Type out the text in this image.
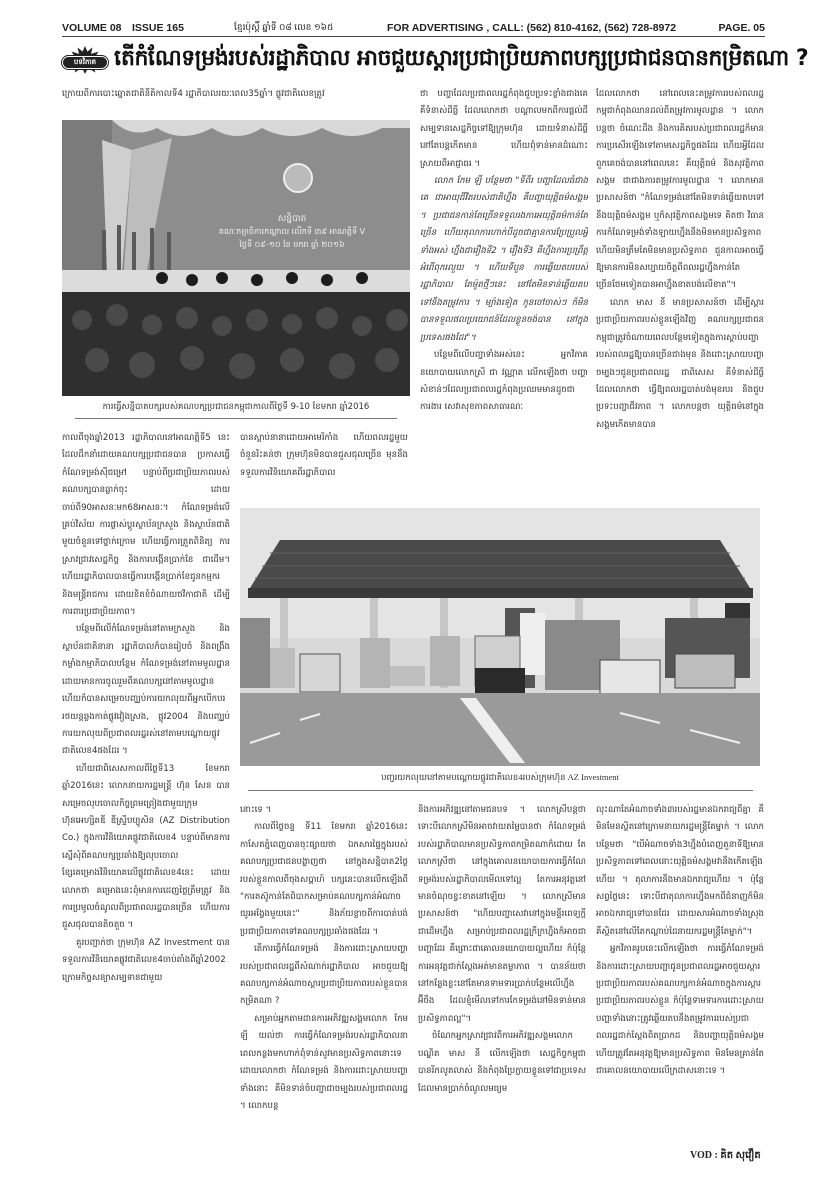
VOLUME 08 ISSUE 165	ខែ្មរប៉ុស្តិ៍ ឆ្នាំទី ០៨ លេខ ១៦៥	FOR ADVERTISING , CALL: (562) 810-4162, (562) 728-8972	PAGE. 05
បទវិភាគ តើកំណែទម្រង់របស់រដ្ឋាភិបាល អាចជួយស្តារប្រជាប្រិយភាពបក្សប្រជាជនបានកម្រិតណា ?

ក្រោយពីការបោះឆ្នោតជាតិនីតិកាលទី4 រដ្ឋាភិបាលរយៈពេល35ឆ្នាំ។ ផ្លូវជាតិលេខត្រូវ

សន្និបាត
គណៈកម្មាធិការកណ្តាល លើកទី ៣៩ អាណត្តិទី V
ថ្ងៃទី ០៩-១០ ខែ មករា ឆ្នាំ ២០១៦
ការធ្វើសន្និបាតបក្សរបស់គណបក្សប្រជាជនកម្ពុជាកាលពីថ្ងៃទី 9-10 ខែមករា ឆ្នាំ2016

កាលពីចុងឆ្នាំ2013 រដ្ឋាភិបាលនៅអាណត្តិទី5 នេះ ដែលដឹកនាំដោយគណបក្សប្រជាជនបាន ប្រកាសធ្វើកំណែទម្រង់ស៊ីជម្រៅ បន្ទាប់ពីប្រជាប្រិយភាពរបស់គណបក្សបានធ្លាក់ចុះ ដោយចាប់ពី90អាសនៈមក68អាសនៈ។ កំណែទម្រង់លើគ្រប់វិស័យ ការផ្លាស់ប្តូរស្ថាប័នក្រសួង និងស្ថាប័នជាតិមួយចំនួនទៅថ្នាក់ក្រោម ហើយធ្វើការត្រួតពិនិត្យ ការស្រាវជ្រាវសេដ្ឋកិច្ច និងការបង្កើនប្រាក់ខែ ជាដើម។ ហើយរដ្ឋាភិបាលបានធ្វើការបង្កើនប្រាក់ខែជូនកម្មករ និងមន្ត្រីរាជការ ដោយខិតខំចំណាយថវិកាជាតិ ដើម្បីការពារប្រជាប្រិយភាព។

បន្ថែមពីលើកំណែទម្រង់នៅតាមក្រសួង និងស្ថាប័នជាតិនានា រដ្ឋាភិបាលក៏បានរៀបចំ និងពង្រឹងកម្លាំងកម្មាភិបាលបន្ថែម កំណែទម្រង់នៅតាមមូលដ្ឋាន ដោយមានការចូលរួមពីគណបក្សនៅតាមមូលដ្ឋាន ហើយក៏បានសម្រេចបញ្ឈប់ការយកលុយពីអ្នកបើកបររថយន្តឆ្លងកាត់ផ្លូវវៀងស្រង, ផ្លូវ2004 និងបញ្ឈប់ការយកលុយពីប្រជាពលរដ្ឋរស់នៅតាមបណ្តោយផ្លូវជាតិលេខ4ផងដែរ ។

ហើយជាពិសេសកាលពីថ្ងៃទី13 ខែមករា ឆ្នាំ2016នេះ លោកនាយករដ្ឋមន្ត្រី ហ៊ុន សែន បានសម្រេចលុបចោលកិច្ចព្រមព្រៀងជាមួយក្រុមហ៊ុនអេហ្សិតឌី ឌីស្ទ្រីបប្យូសិន (AZ Distribution Co.) ក្នុងការវិនិយោគផ្លូវជាតិលេខ4 បន្ទាប់ពីមានការស្នើសុំពីគណបក្សប្រឆាំងឱ្យលុបចោលខ្សែរគម្រោងវិនិយោគលើផ្លូវជាតិលេខ4នេះ ដោយលោកថា គម្រោងនេះពុំមានការដេញថ្លៃត្រឹមត្រូវ និងការប្រមូលចំណូលពីប្រជាពលរដ្ឋបានច្រើន ហើយការជួសជុលបានតិចតួច ។

គួរបញ្ជាក់ថា ក្រុមហ៊ុន AZ Investment បានទទួលការវិនិយោគផ្លូវជាតិលេខ4ចាប់តាំងពីឆ្នាំ2002 ក្រោមកិច្ចសន្យាសម្បទានជាមួយ

ថា បញ្ហាដែលប្រជាពលរដ្ឋកំពុងជួបប្រទះខ្លាំងជាងគេ គឺទំនាស់ដីធ្លី ដែលលោកថា បណ្តាលមកពីការផ្តល់ដីសម្បទានសេដ្ឋកិច្ចទៅឱ្យក្រុមហ៊ុន ដោយទំនាស់ដីធ្លីនៅតែបន្តកើតមាន ហើយពុំទាន់មានដំណោះស្រាយពីអាជ្ញាធរ ។

លោក កែម ឡី បន្ថែមថា "ទីពីរ បញ្ហាដែលធំជាងគេ ជាអាយុជីវិតរបស់ជាតិហ្នឹង គឺបញ្ហាយុត្តិធម៌សង្គម ។ ប្រជាជនកាន់តែច្រើនទទួលរងការអយុត្តិធម៌កាន់តែច្រើន ហើយតុលាការហាក់បីដូចជាគ្មានការប្រែប្រួលអ្វីទាំងអស់ ហ្នឹងជារឿងទី2 ។ រឿងទី3 គឺហ្នឹងការប្រព្រឹត្តអំពើពុករលួយ ។ ហើយទីបួន ការឆ្លើយតបរបស់រដ្ឋាភិបាល តែម៉ូតថ្មីៗនេះ នៅតែមិនទាន់ឆ្លើយតបទៅនឹងតម្រូវការ ។ ម្យ៉ាងទៀត កូនចៅចាស់ៗ ក៏មិនបានទទួលផលប្រយោជន៍ដែលខ្លួនចង់បាន នៅក្នុងប្រទេសផងដែរ"។

បន្ថែមពីលើបញ្ហាទាំងអស់នេះ អ្នកវិភាគនយោបាយលោកស្រី ជា វណ្ណាត លើកឡើងថា បញ្ហាសំខាន់ៗដែលប្រជាពលរដ្ឋកំពុងប្រឈមមានដូចជាការងារ សេវាសុខភាពសាធារណៈ

ដែលលោកថា នៅពេលនេះតម្រូវការរបស់ពលរដ្ឋកម្ពុជាកំពុងឈានដល់ពីតម្រូវការមូលដ្ឋាន ។ លោកបន្តថា ចំណេះដឹង និងការគិតរបស់ប្រជាពលរដ្ឋក៏មានការប្រសើរឡើងទៅតាមសេដ្ឋកិច្ចផងដែរ ហើយអ្វីដែលពួកគេចង់បាននៅពេលនេះ គឺយុត្តិធម៌ និងសុវត្ថិភាពសង្គម ជាជាងការតម្រូវការមូលដ្ឋាន ។ លោកមានប្រសាសន៍ថា "កំណែទម្រង់នៅតែមិនទាន់ឆ្លើយតបទៅនឹងយុត្តិធម៌សង្គម ឬក៏សុវត្ថិភាពសង្គមទេ គិតថា វិធានការកំណែទម្រង់ទាំងឡាយហ្នឹងនឹងមិនមានប្រសិទ្ធភាព ហើយមិនត្រឹមតែមិនមានប្រសិទ្ធភាព ជួនកាលអាចធ្វើឱ្យមានការមិនសប្បាយចិត្តពីពលរដ្ឋហ្នឹងកាន់តែច្រើនថែមទៀតបានអាហ្នឹងខាតបង់លើខាត"។

លោក មាស នី មានប្រសាសន៍ថា ដើម្បីស្តារប្រជាប្រិយភាពរបស់ខ្លួនឡើងវិញ គណបក្សប្រជាជនកម្ពុជាត្រូវចំណាយពេលបន្ថែមទៀតក្នុងការស្តាប់បញ្ហារបស់ពលរដ្ឋឱ្យបានច្រើនជាងមុន និងដោះស្រាយបញ្ហាចម្បងៗជូនប្រជាពលរដ្ឋ ជាពិសេស គឺទំនាស់ដីធ្លី ដែលលោកថា ធ្វើឱ្យពលរដ្ឋបាត់បង់មុខរបរ និងជួបប្រទះបញ្ហាជីវភាព ។ លោកបន្តថា យុត្តិធម៌នៅក្នុងសង្គមកើតមានបាន

បានស្តាប់នានាដោយអាមេរិកាំង ហើយពលរដ្ឋមួយចំនួនរិះគន់ថា ក្រុមហ៊ុនមិនបានជួសជុលច្រើន មុននឹងទទួលការវិនិយោគពីរដ្ឋាភិបាល

បញ្ជរយកលុយនៅតាមបណ្តោយផ្លូវជាតិលេខ4របស់ក្រុមហ៊ុន AZ Investment

នោះទេ ។

កាលពីថ្ងៃចន្ទ ទី11 ខែមករា ឆ្នាំ2016នេះ កាសែតភ្នំពេញបានចុះផ្សាយថា ឯកសារផ្ទៃក្នុងរបស់គណបក្សប្រជាជនបង្ហាញថា នៅក្នុងសន្និបាត2ថ្ងៃរបស់ខ្លួនកាលពីចុងសប្តាហ៍ បក្សនេះបានលើកឡើងពី "ការតស៊ូកាន់តែពិបាកសម្រាប់គណបក្សកាន់អំណាចយូរអង្វែងមួយនេះ" និងភ័យខ្លាចពីការបាត់បង់ប្រជាប្រិយភាពទៅគណបក្សប្រឆាំងផងដែរ ។

តើការធ្វើកំណែទម្រង់ និងការដោះស្រាយបញ្ហារបស់ប្រជាពលរដ្ឋពីសំណាក់រដ្ឋាភិបាល អាចជួយឱ្យគណបក្សកាន់អំណាចស្តារប្រជាប្រិយភាពរបស់ខ្លួនបានកម្រិតណា ?

សម្រាប់អ្នកតាមដានការអភិវឌ្ឍសង្គមលោក កែម ឡី យល់ថា ការធ្វើកំណែទម្រង់របស់រដ្ឋាភិបាលនាពេលកន្លងមកហាក់ពុំទាន់សូវមានប្រសិទ្ធភាពនោះទេដោយលោកថា កំណែទម្រង់ និងការដោះស្រាយបញ្ហាទាំងនោះ គឺមិនទាន់ចំបញ្ហាជាចម្បងរបស់ប្រជាពលរដ្ឋ ។ លោកបន្ត

និងការអភិវឌ្ឍនៅតាមជនបទ ។ លោកស្រីបន្តថា ទោះបីលោកស្រីមិនអាចវាយតម្លៃបានថា កំណែទម្រង់របស់រដ្ឋាភិបាលមានប្រសិទ្ធភាពកម្រិតណាក៏ដោយ តែលោកស្រីថា នៅក្នុងគោលនយោបាយការធ្វើកំណែទម្រង់របស់រដ្ឋាភិបាលមើលទៅល្អ តែការអនុវត្តនៅមានចំណុចខ្វះខាតនៅឡើយ ។ លោកស្រីមានប្រសាសន៍ថា "ហើយបញ្ហាសេវានៅក្នុងមន្ទីរពេទ្យក្តីជាដើមហ្នឹង សម្រាប់ប្រជាពលរដ្ឋក្រីក្រហ្នឹងក៏អាចជាបញ្ហាដែរ គឺព្រោះជាគោលនយោបាយល្អហើយ ក៏ប៉ុន្តែការអនុវត្តជាក់ស្តែងអត់មានតម្លាភាព ។ បានន័យថា នៅកន្លែងខ្លះនៅតែមានទាមទារប្រាក់បន្ថែមលើហ្នឹងអ៊ីចឹង ដែលខ្ញុំមើលទៅការកែទម្រង់នៅមិនទាន់មានប្រសិទ្ធភាពល្អ"។

ចំណែកអ្នកស្រាវជ្រាវពីការអភិវឌ្ឍសង្គមលោកបណ្ឌិត មាស នី លើកឡើងថា សេដ្ឋកិច្ចកម្ពុជាបានរីកលូតលាស់ និងកំពុងប្រែក្លាយខ្លួនទៅជាប្រទេសដែលមានប្រាក់ចំណូលមធ្យម

លុះណាតែអំណាចទាំង៣របស់រដ្ឋមានឯករាជ្យពីគ្នា គឺមិនមែនស្ថិតនៅក្រោមនាយករដ្ឋមន្ត្រីតែម្នាក់ ។ លោកបន្ថែមថា "បើអំណាចទាំង3ហ្នឹងបំពេញតួនាទីឱ្យមានប្រសិទ្ធភាពទៅពេលនោះយុត្តិធម៌សង្គមវានឹងកើតឡើងហើយ ។ តុលាការនឹងមានឯករាជ្យហើយ ។ ប៉ុន្តែសព្វថ្ងៃនេះ ទោះបីជាតុលាការហ្នឹងមកពីជំនាញក៏មិនអាចឯករាជ្យទៅបានដែរ ដោយសារអំណាចទាំងស្រុង គឺស្ថិតនៅលើតែកណ្តាប់ដៃនាយករដ្ឋមន្ត្រីតែម្នាក់"។

អ្នកវិភាគរូបនេះលើកឡើងថា ការធ្វើកំណែទម្រង់ និងការដោះស្រាយបញ្ហាជូនប្រជាពលរដ្ឋអាចជួយស្តារប្រជាប្រិយភាពរបស់គណបក្សកាន់អំណាចក្នុងការស្តារប្រជាប្រិយភាពរបស់ខ្លួន ក៏ប៉ុន្តែទាមទារការដោះស្រាយបញ្ហាទាំងនោះត្រូវឆ្លើយតបនឹងតម្រូវការរបស់ប្រជាពលរដ្ឋជាក់ស្តែងពិតប្រាកដ និងបញ្ហាយុត្តិធម៌សង្គម ហើយត្រូវតែអនុវត្តឱ្យមានប្រសិទ្ធភាព មិនមែនគ្រាន់តែជាគោលនយោបាយលើក្រដាសនោះទេ ។

VOD : គិត សុវឿត
